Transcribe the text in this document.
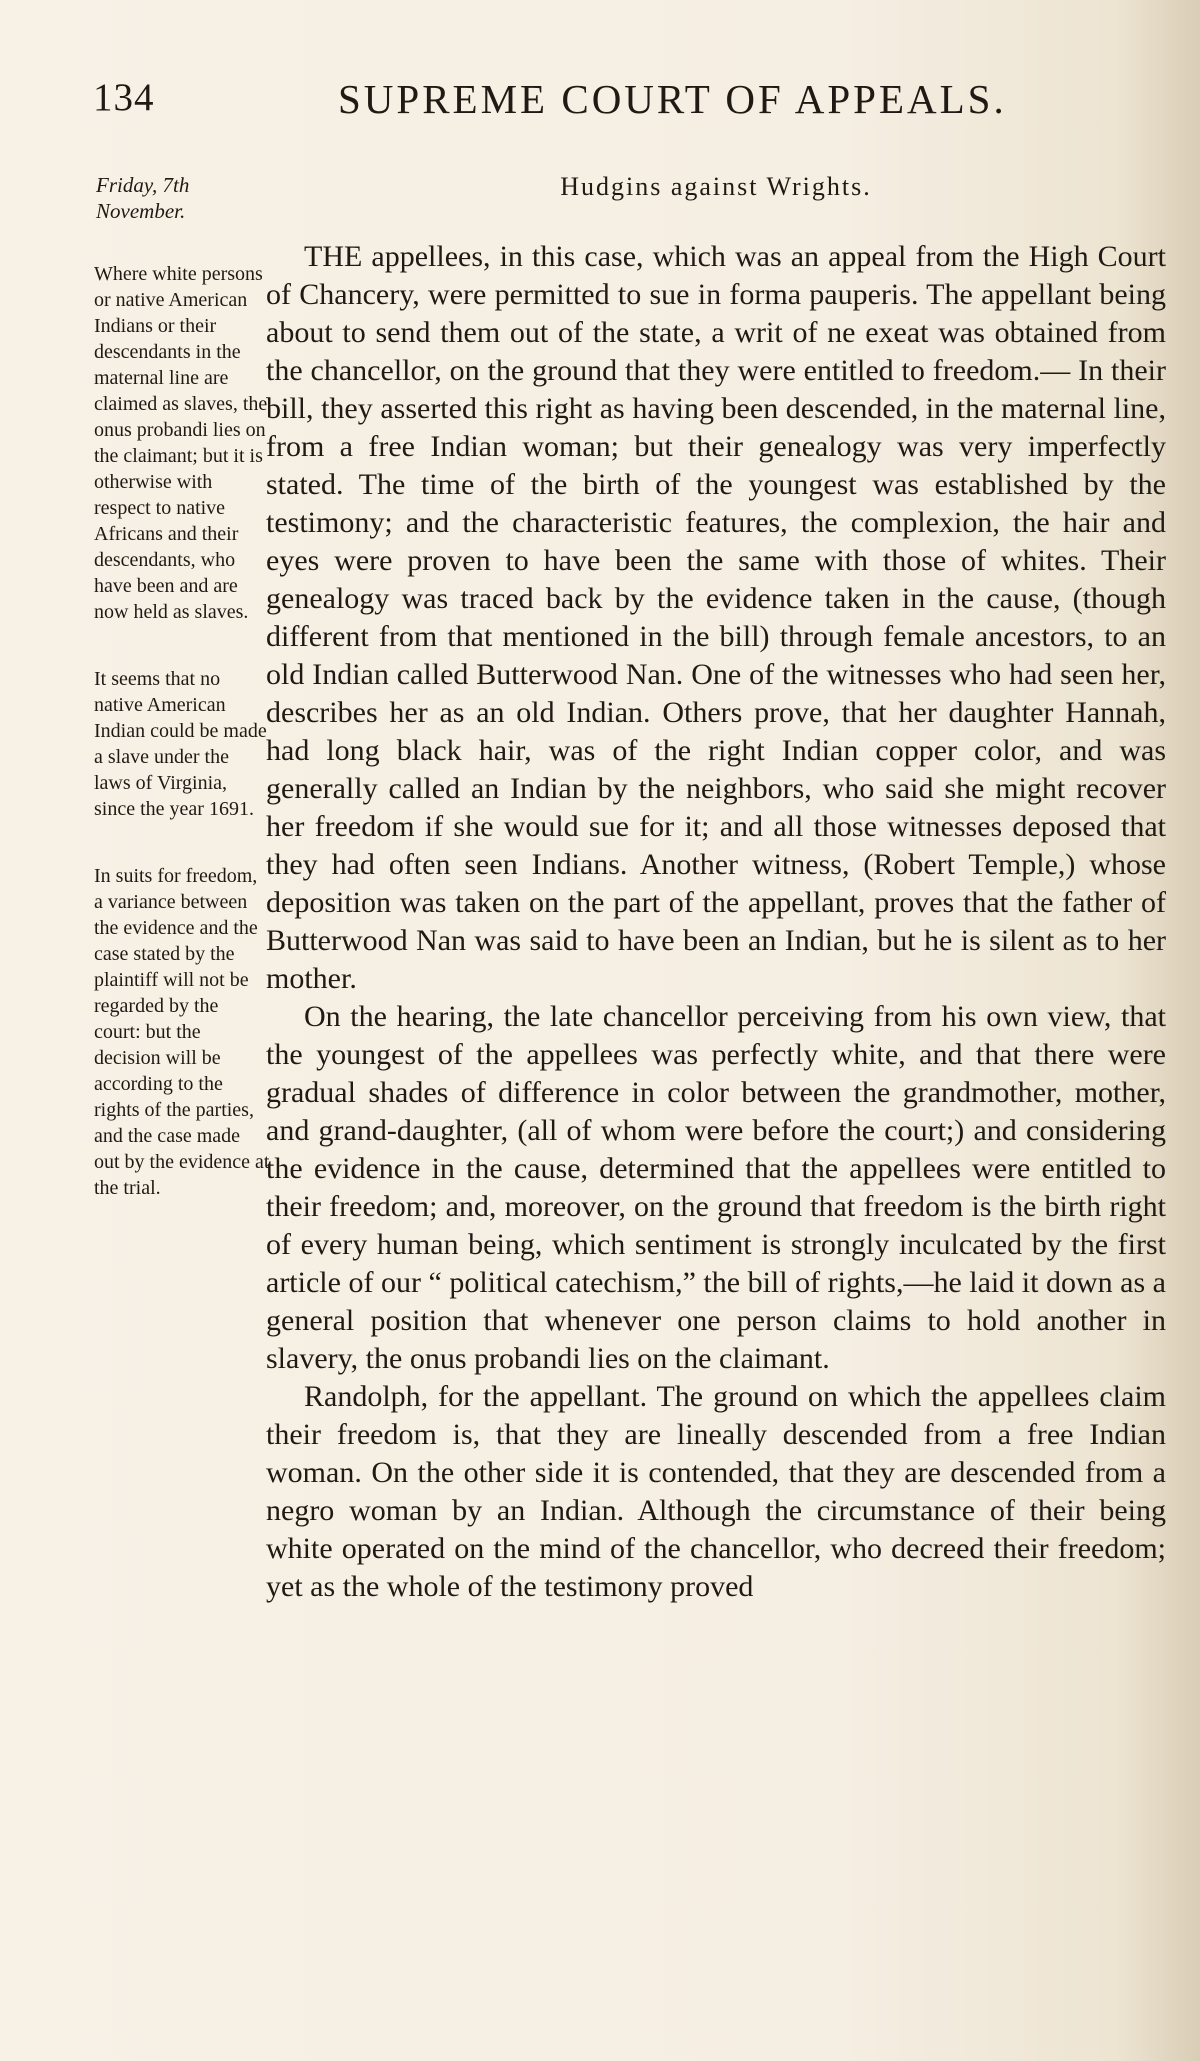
134	SUPREME COURT OF APPEALS.
Friday, 7th November.

Where white persons or native American Indians or their descendants in the maternal line are claimed as slaves, the onus probandi lies on the claimant; but it is otherwise with respect to native Africans and their descendants, who have been and are now held as slaves.

It seems that no native American Indian could be made a slave under the laws of Virginia, since the year 1691.

In suits for freedom, a variance between the evidence and the case stated by the plaintiff will not be regarded by the court: but the decision will be according to the rights of the parties, and the case made out by the evidence at the trial.

Hudgins against Wrights.

THE appellees, in this case, which was an appeal from the High Court of Chancery, were permitted to sue in forma pauperis. The appellant being about to send them out of the state, a writ of ne exeat was obtained from the chancellor, on the ground that they were entitled to freedom.— In their bill, they asserted this right as having been descended, in the maternal line, from a free Indian woman; but their genealogy was very imperfectly stated. The time of the birth of the youngest was established by the testimony; and the characteristic features, the complexion, the hair and eyes were proven to have been the same with those of whites. Their genealogy was traced back by the evidence taken in the cause, (though different from that mentioned in the bill) through female ancestors, to an old Indian called Butterwood Nan. One of the witnesses who had seen her, describes her as an old Indian. Others prove, that her daughter Hannah, had long black hair, was of the right Indian copper color, and was generally called an Indian by the neighbors, who said she might recover her freedom if she would sue for it; and all those witnesses deposed that they had often seen Indians. Another witness, (Robert Temple,) whose deposition was taken on the part of the appellant, proves that the father of Butterwood Nan was said to have been an Indian, but he is silent as to her mother.

On the hearing, the late chancellor perceiving from his own view, that the youngest of the appellees was perfectly white, and that there were gradual shades of difference in color between the grandmother, mother, and grand-daughter, (all of whom were before the court;) and considering the evidence in the cause, determined that the appellees were entitled to their freedom; and, moreover, on the ground that freedom is the birth right of every human being, which sentiment is strongly inculcated by the first article of our “ political catechism,” the bill of rights,—he laid it down as a general position that whenever one person claims to hold another in slavery, the onus probandi lies on the claimant.

Randolph, for the appellant. The ground on which the appellees claim their freedom is, that they are lineally descended from a free Indian woman. On the other side it is contended, that they are descended from a negro woman by an Indian. Although the circumstance of their being white operated on the mind of the chancellor, who decreed their freedom; yet as the whole of the testimony proved
